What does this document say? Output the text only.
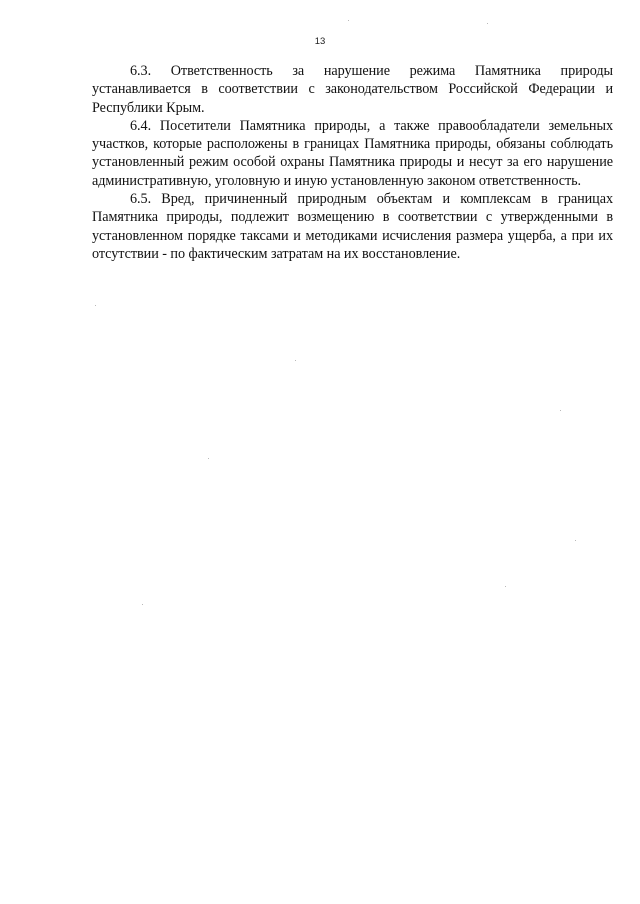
13

6.3. Ответственность за нарушение режима Памятника природы устанавливается в соответствии с законодательством Российской Федерации и Республики Крым.

6.4. Посетители Памятника природы, а также правообладатели земельных участков, которые расположены в границах Памятника природы, обязаны соблюдать установленный режим особой охраны Памятника природы и несут за его нарушение административную, уголовную и иную установленную законом ответственность.

6.5. Вред, причиненный природным объектам и комплексам в границах Памятника природы, подлежит возмещению в соответствии с утвержденными в установленном порядке таксами и методиками исчисления размера ущерба, а при их отсутствии - по фактическим затратам на их восстановление.
